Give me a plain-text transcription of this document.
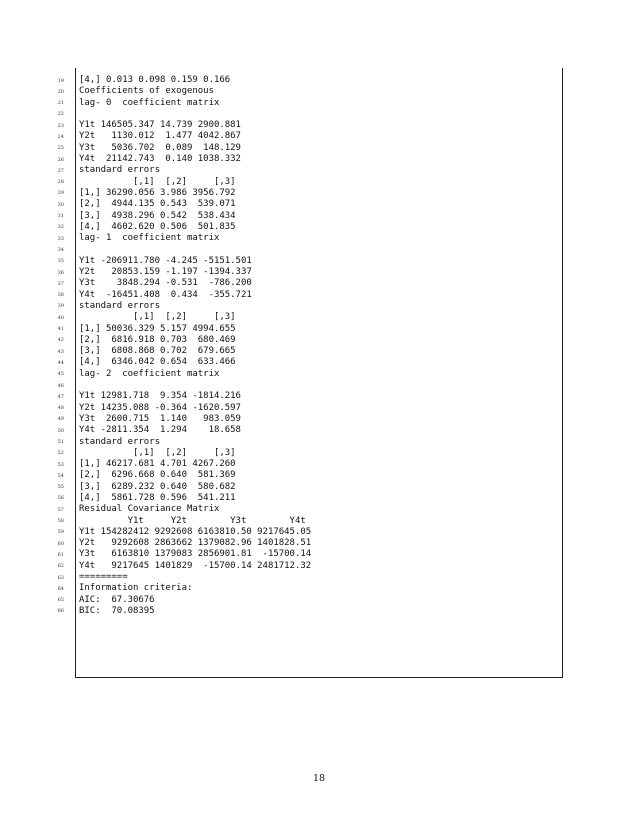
19 [4,] 0.013 0.098 0.159 0.166
20 Coefficients of exogenous
21 lag- 0  coefficient matrix
22
23 Y1t 146505.347 14.739 2900.881
24 Y2t   1130.012  1.477 4042.867
25 Y3t   5036.702  0.089  148.129
26 Y4t  21142.743  0.140 1038.332
27 standard errors
28 [,1]  [,2]     [,3]
29 [1,] 36290.056 3.986 3956.792
30 [2,]  4944.135 0.543  539.071
31 [3,]  4938.296 0.542  538.434
32 [4,]  4602.620 0.506  501.835
33 lag- 1  coefficient matrix
34
35 Y1t -206911.780 -4.245 -5151.501
36 Y2t   20853.159 -1.197 -1394.337
37 Y3t    3848.294 -0.531  -786.200
38 Y4t  -16451.408  0.434  -355.721
39 standard errors
40 [,1]  [,2]     [,3]
41 [1,] 50036.329 5.157 4994.655
42 [2,]  6816.918 0.703  680.469
43 [3,]  6808.868 0.702  679.665
44 [4,]  6346.042 0.654  633.466
45 lag- 2  coefficient matrix
46
47 Y1t 12981.718  9.354 -1814.216
48 Y2t 14235.088 -0.364 -1620.597
49 Y3t  2600.715  1.140   983.059
50 Y4t -2811.354  1.294    18.658
51 standard errors
52 [,1]  [,2]     [,3]
53 [1,] 46217.681 4.701 4267.260
54 [2,]  6296.668 0.640  581.369
55 [3,]  6289.232 0.640  580.682
56 [4,]  5861.728 0.596  541.211
57 Residual Covariance Matrix
58 Y1t     Y2t        Y3t        Y4t
59 Y1t 154282412 9292608 6163810.50 9217645.05
60 Y2t   9292608 2863662 1379082.96 1401828.51
61 Y3t   6163810 1379083 2856901.81  -15700.14
62 Y4t   9217645 1401829  -15700.14 2481712.32
63 =========
64 Information criteria:
65 AIC:  67.30676
66 BIC:  70.08395
18
